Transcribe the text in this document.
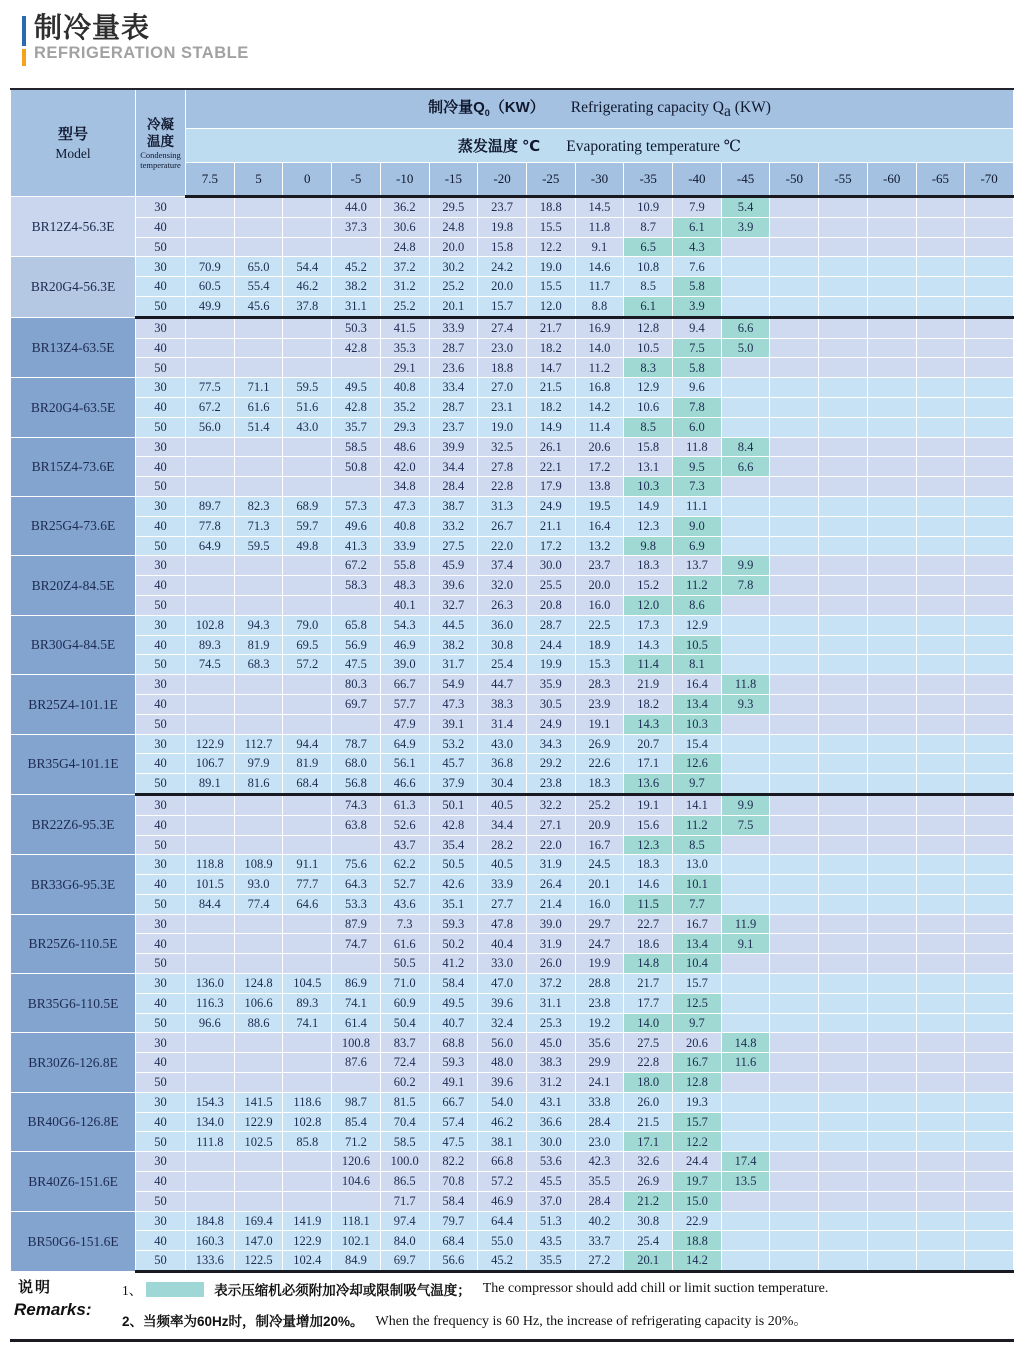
制冷量表
REFRIGERATION STABLE
型号
Model	冷凝
温度
Condensing
temperature	制冷量$Q_0(KW)$ Refrigerating capacity $Q_a$ (KW)																
		蒸发温度 ℃ Evaporating temperature ℃																
		7.5	5	0	-5	-10	-15	-20	-25	-30	-35	-40	-45	-50	-55	-60	-65	-70
BR12Z4-56.3E	30				44.0	36.2	29.5	23.7	18.8	14.5	10.9	7.9	5.4					
	40				37.3	30.6	24.8	19.8	15.5	11.8	8.7	6.1	3.9					
	50					24.8	20.0	15.8	12.2	9.1	6.5	4.3						
BR20G4-56.3E	30	70.9	65.0	54.4	45.2	37.2	30.2	24.2	19.0	14.6	10.8	7.6						
	40	60.5	55.4	46.2	38.2	31.2	25.2	20.0	15.5	11.7	8.5	5.8						
	50	49.9	45.6	37.8	31.1	25.2	20.1	15.7	12.0	8.8	6.1	3.9						
BR13Z4-63.5E	30				50.3	41.5	33.9	27.4	21.7	16.9	12.8	9.4	6.6					
	40				42.8	35.3	28.7	23.0	18.2	14.0	10.5	7.5	5.0					
	50					29.1	23.6	18.8	14.7	11.2	8.3	5.8						
BR20G4-63.5E	30	77.5	71.1	59.5	49.5	40.8	33.4	27.0	21.5	16.8	12.9	9.6						
	40	67.2	61.6	51.6	42.8	35.2	28.7	23.1	18.2	14.2	10.6	7.8						
	50	56.0	51.4	43.0	35.7	29.3	23.7	19.0	14.9	11.4	8.5	6.0						
BR15Z4-73.6E	30				58.5	48.6	39.9	32.5	26.1	20.6	15.8	11.8	8.4					
	40				50.8	42.0	34.4	27.8	22.1	17.2	13.1	9.5	6.6					
	50					34.8	28.4	22.8	17.9	13.8	10.3	7.3						
BR25G4-73.6E	30	89.7	82.3	68.9	57.3	47.3	38.7	31.3	24.9	19.5	14.9	11.1						
	40	77.8	71.3	59.7	49.6	40.8	33.2	26.7	21.1	16.4	12.3	9.0						
	50	64.9	59.5	49.8	41.3	33.9	27.5	22.0	17.2	13.2	9.8	6.9						
BR20Z4-84.5E	30				67.2	55.8	45.9	37.4	30.0	23.7	18.3	13.7	9.9					
	40				58.3	48.3	39.6	32.0	25.5	20.0	15.2	11.2	7.8					
	50					40.1	32.7	26.3	20.8	16.0	12.0	8.6						
BR30G4-84.5E	30	102.8	94.3	79.0	65.8	54.3	44.5	36.0	28.7	22.5	17.3	12.9						
	40	89.3	81.9	69.5	56.9	46.9	38.2	30.8	24.4	18.9	14.3	10.5						
	50	74.5	68.3	57.2	47.5	39.0	31.7	25.4	19.9	15.3	11.4	8.1						
BR25Z4-101.1E	30				80.3	66.7	54.9	44.7	35.9	28.3	21.9	16.4	11.8					
	40				69.7	57.7	47.3	38.3	30.5	23.9	18.2	13.4	9.3					
	50					47.9	39.1	31.4	24.9	19.1	14.3	10.3						
BR35G4-101.1E	30	122.9	112.7	94.4	78.7	64.9	53.2	43.0	34.3	26.9	20.7	15.4						
	40	106.7	97.9	81.9	68.0	56.1	45.7	36.8	29.2	22.6	17.1	12.6						
	50	89.1	81.6	68.4	56.8	46.6	37.9	30.4	23.8	18.3	13.6	9.7						
BR22Z6-95.3E	30				74.3	61.3	50.1	40.5	32.2	25.2	19.1	14.1	9.9					
	40				63.8	52.6	42.8	34.4	27.1	20.9	15.6	11.2	7.5					
	50					43.7	35.4	28.2	22.0	16.7	12.3	8.5						
BR33G6-95.3E	30	118.8	108.9	91.1	75.6	62.2	50.5	40.5	31.9	24.5	18.3	13.0						
	40	101.5	93.0	77.7	64.3	52.7	42.6	33.9	26.4	20.1	14.6	10.1						
	50	84.4	77.4	64.6	53.3	43.6	35.1	27.7	21.4	16.0	11.5	7.7						
BR25Z6-110.5E	30				87.9	7.3	59.3	47.8	39.0	29.7	22.7	16.7	11.9					
	40				74.7	61.6	50.2	40.4	31.9	24.7	18.6	13.4	9.1					
	50					50.5	41.2	33.0	26.0	19.9	14.8	10.4						
BR35G6-110.5E	30	136.0	124.8	104.5	86.9	71.0	58.4	47.0	37.2	28.8	21.7	15.7						
	40	116.3	106.6	89.3	74.1	60.9	49.5	39.6	31.1	23.8	17.7	12.5						
	50	96.6	88.6	74.1	61.4	50.4	40.7	32.4	25.3	19.2	14.0	9.7						
BR30Z6-126.8E	30				100.8	83.7	68.8	56.0	45.0	35.6	27.5	20.6	14.8					
	40				87.6	72.4	59.3	48.0	38.3	29.9	22.8	16.7	11.6					
	50					60.2	49.1	39.6	31.2	24.1	18.0	12.8						
BR40G6-126.8E	30	154.3	141.5	118.6	98.7	81.5	66.7	54.0	43.1	33.8	26.0	19.3						
	40	134.0	122.9	102.8	85.4	70.4	57.4	46.2	36.6	28.4	21.5	15.7						
	50	111.8	102.5	85.8	71.2	58.5	47.5	38.1	30.0	23.0	17.1	12.2						
BR40Z6-151.6E	30				120.6	100.0	82.2	66.8	53.6	42.3	32.6	24.4	17.4					
	40				104.6	86.5	70.8	57.2	45.5	35.5	26.9	19.7	13.5					
	50					71.7	58.4	46.9	37.0	28.4	21.2	15.0						
BR50G6-151.6E	30	184.8	169.4	141.9	118.1	97.4	79.7	64.4	51.3	40.2	30.8	22.9						
	40	160.3	147.0	122.9	102.1	84.0	68.4	55.0	43.5	33.7	25.4	18.8						
	50	133.6	122.5	102.4	84.9	69.7	56.6	45.2	35.5	27.2	20.1	14.2						
说明
Remarks:
1、	表示压缩机必须附加冷却或限制吸气温度； The compressor should add chill or limit suction temperature.
2、当频率为60Hz时，制冷量增加20%。 When the frequency is 60 Hz, the increase of refrigerating capacity is 20%。
